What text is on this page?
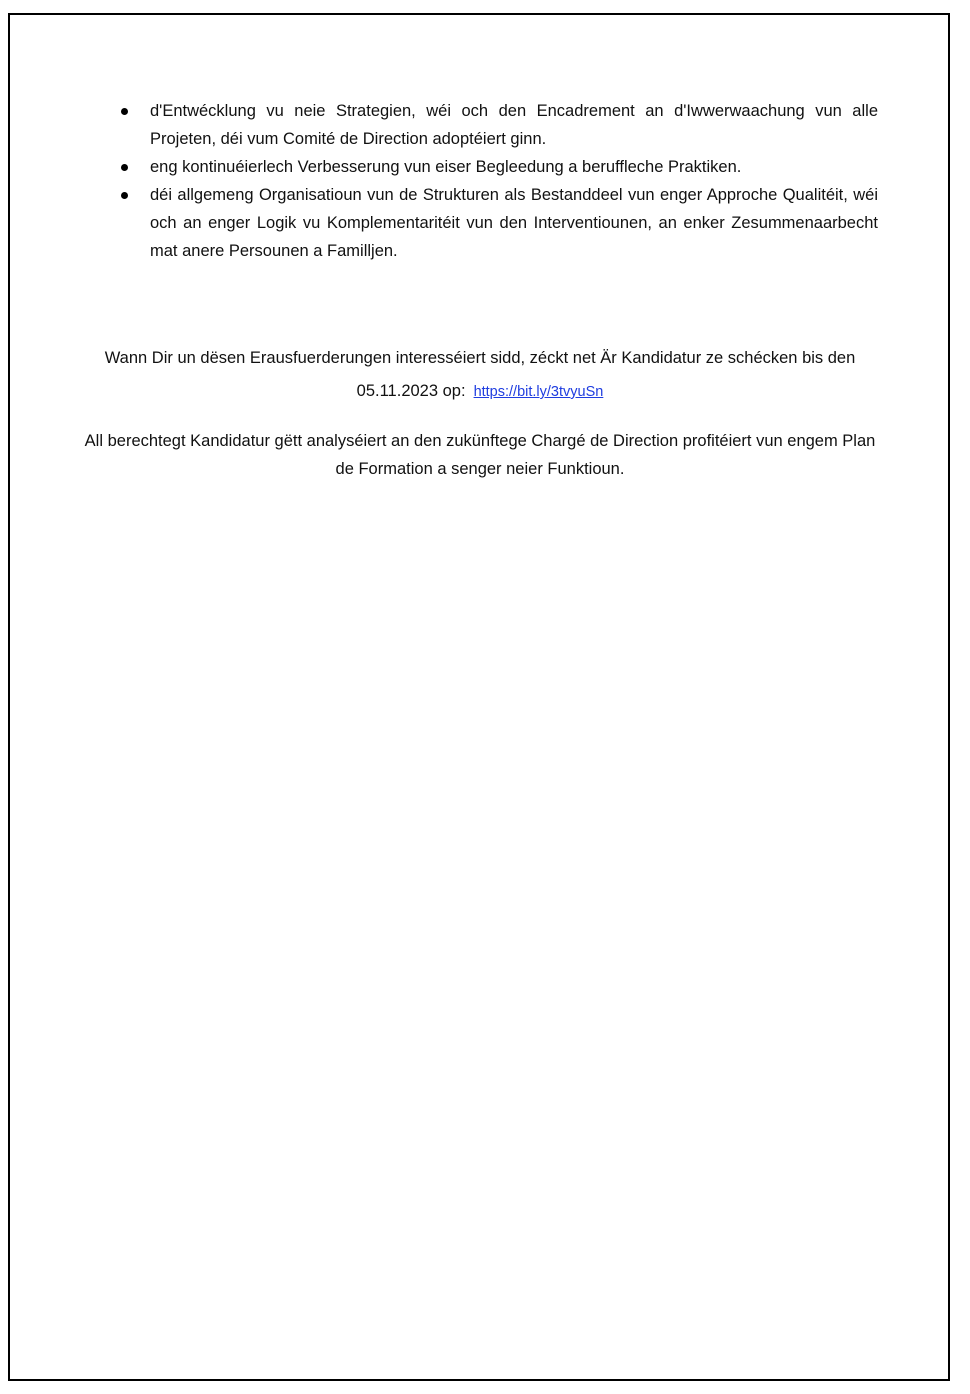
d'Entwécklung vu neie Strategien, wéi och den Encadrement an d'Iwwerwaachung vun alle Projeten, déi vum Comité de Direction adoptéiert ginn.
eng kontinuéierlech Verbesserung vun eiser Begleedung a beruffleche Praktiken.
déi allgemeng Organisatioun vun de Strukturen als Bestanddeel vun enger Approche Qualitéit, wéi och an enger Logik vu Komplementaritéit vun den Interventiounen, an enker Zesummenaarbecht mat anere Persounen a Familljen.

Wann Dir un dësen Erausfuerderungen interesséiert sidd, zéckt net Är Kandidatur ze schécken bis den 05.11.2023 op: https://bit.ly/3tvyuSn

All berechtegt Kandidatur gëtt analyséiert an den zukünftege Chargé de Direction profitéiert vun engem Plan de Formation a senger neier Funktioun.
